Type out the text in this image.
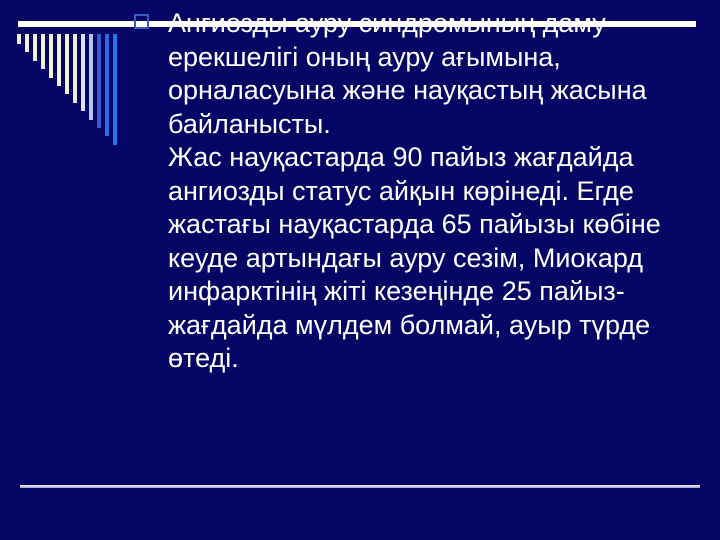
Ангиозды ауру синдромының даму
ерекшелігі оның ауру ағымына,
орналасуына және науқастың жасына
байланысты.
Жас науқастарда 90 пайыз жағдайда
ангиозды статус айқын көрінеді. Егде
жастағы науқастарда 65 пайызы көбіне
кеуде артындағы ауру сезім, Миокард
инфарктінің жіті кезеңінде 25 пайыз-
жағдайда мүлдем болмай, ауыр түрде
өтеді.
